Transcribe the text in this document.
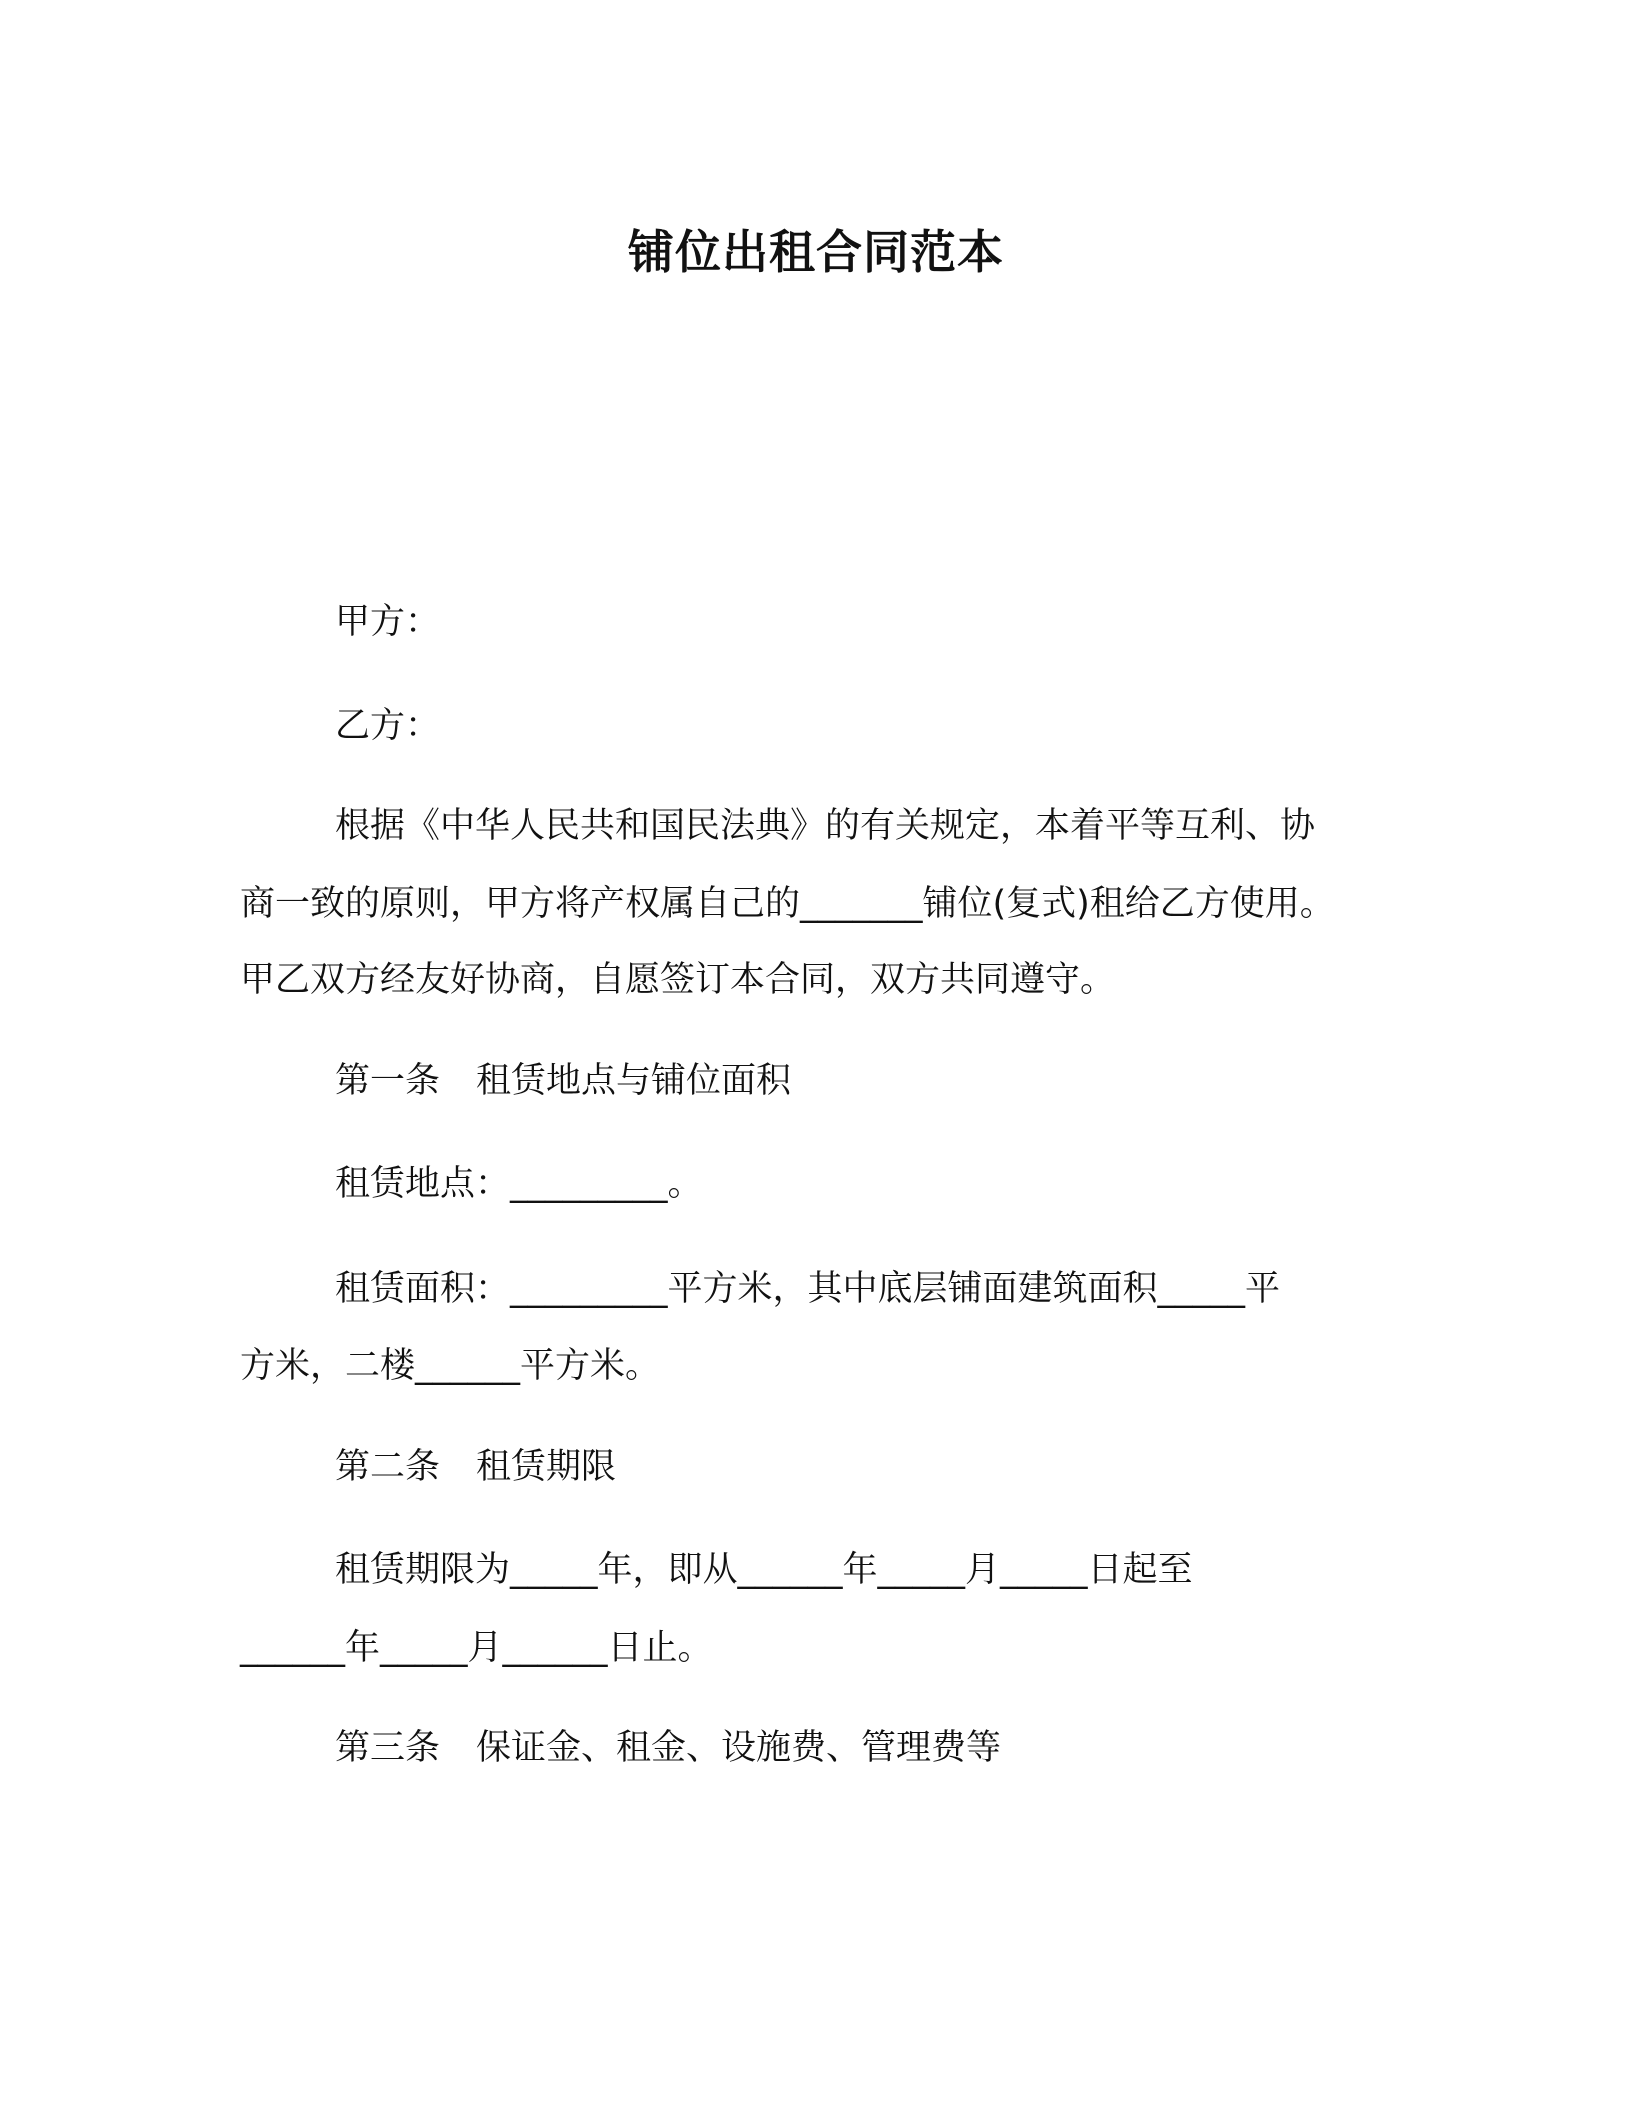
铺位出租合同范本
甲方：
乙方：
根据《中华人民共和国民法典》的有关规定，本着平等互利、协
商一致的原则，甲方将产权属自己的_______铺位(复式)租给乙方使用。
甲乙双方经友好协商，自愿签订本合同，双方共同遵守。
第一条 租赁地点与铺位面积
租赁地点：_________。
租赁面积：_________平方米，其中底层铺面建筑面积_____平
方米，二楼______平方米。
第二条 租赁期限
租赁期限为_____年，即从______年_____月_____日起至
______年_____月______日止。
第三条 保证金、租金、设施费、管理费等
